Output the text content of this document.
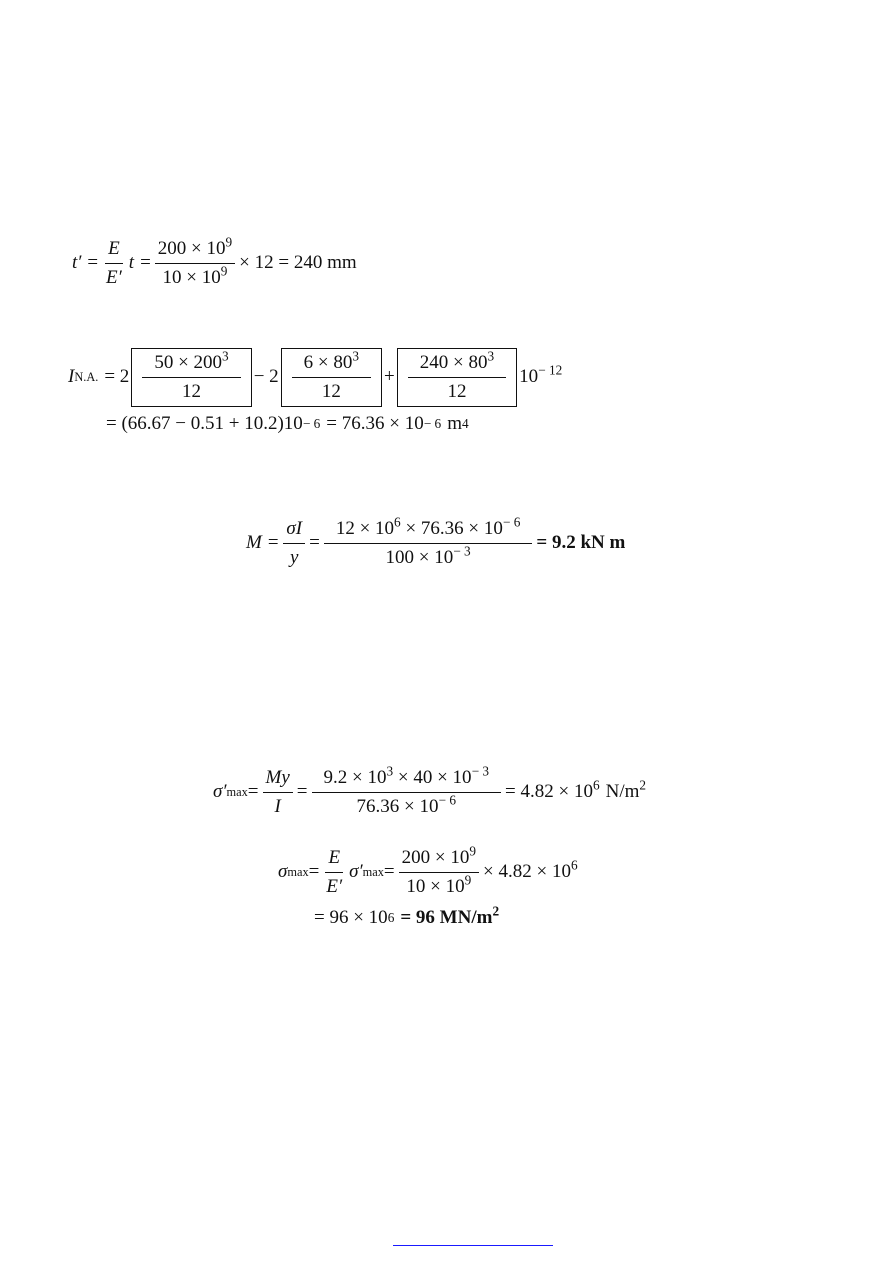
$t' = \frac{E}{E'}$ $t = \frac{200 \times 10^9}{10 \times 10^9} \times 12 = 240$ mm
I N.A. = $2 \frac{50 \times 200^3}{12} - 2 \frac{6 \times 80^3}{12} + \frac{240 \times 80^3}{12} 10^{- 12}$
= (66.67 − 0.51 + 10.2)10 − 6 = 76.36 × 10 − 6 m 4
$M = \frac{\sigma I}{y} = \frac{12 \times 10^6 \times 76.36 \times 10^{- 6}}{100 \times 10^{- 3}} = 9.2$ kN m
σ′ $\max = \frac{My}{I} = \frac{9.2 \times 10^3 \times 40 \times 10^{- 3}}{76.36 \times 10^{- 6}} = 4.82 \times 10^6$ $N/m^2$
σ $\max = \frac{E}{E'} \sigma'$ $\max = \frac{200 \times 10^9}{10 \times 10^9} \times 4.82 \times 10^6$
= 96 × 10 6 = 96 $MN/m^2$
